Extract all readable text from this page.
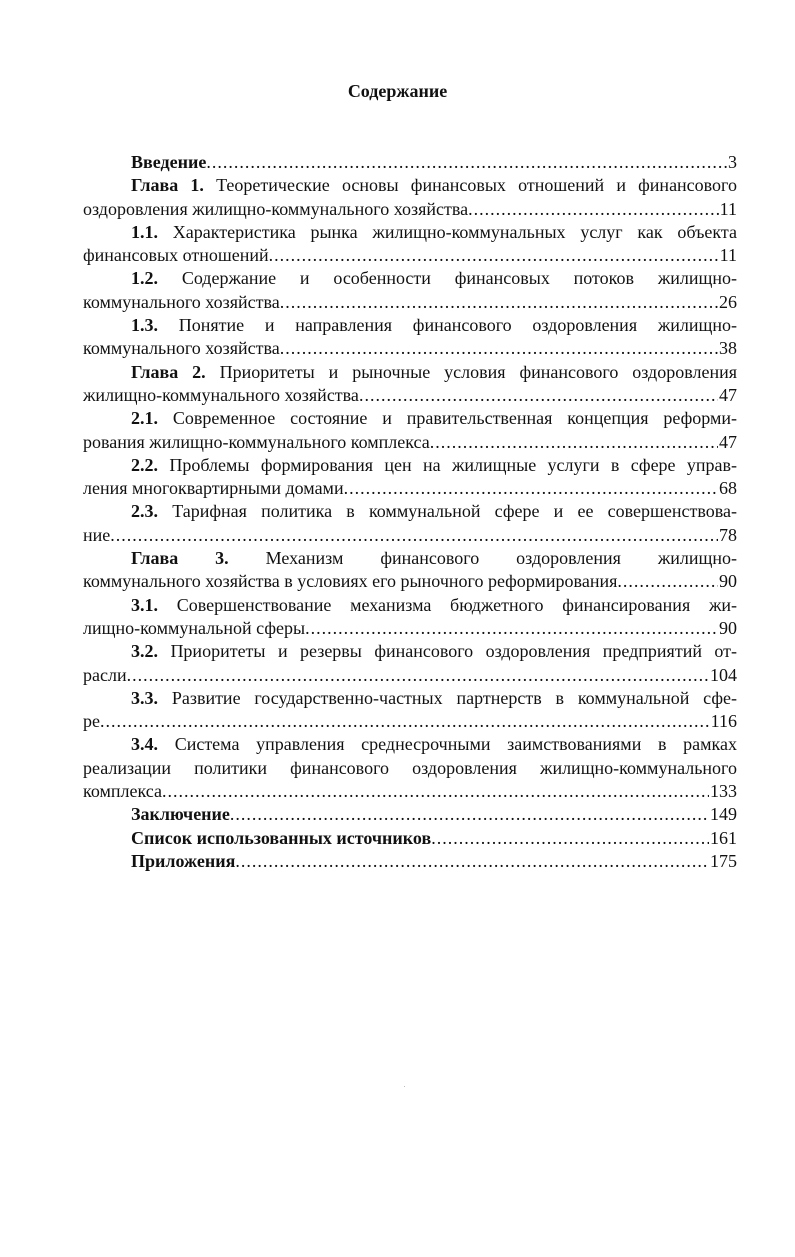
Содержание
Введение .....	3
Глава 1. Теоретические основы финансовых отношений и финансового
оздоровления жилищно-коммунального хозяйства .....	11
1.1. Характеристика рынка жилищно-коммунальных услуг как объекта
финансовых отношений .....	11
1.2. Содержание и особенности финансовых потоков жилищно-
коммунального хозяйства .....	26
1.3. Понятие и направления финансового оздоровления жилищно-
коммунального хозяйства .....	38
Глава 2. Приоритеты и рыночные условия финансового оздоровления
жилищно-коммунального хозяйства .....	47
2.1. Современное состояние и правительственная концепция реформи-
рования жилищно-коммунального комплекса .....	47
2.2. Проблемы формирования цен на жилищные услуги в сфере управ-
ления многоквартирными домами .....	68
2.3. Тарифная политика в коммунальной сфере и ее совершенствова-
ние .....	78
Глава 3. Механизм финансового оздоровления жилищно-
коммунального хозяйства в условиях его рыночного реформирования .....	90
3.1. Совершенствование механизма бюджетного финансирования жи-
лищно-коммунальной сферы .....	90
3.2. Приоритеты и резервы финансового оздоровления предприятий от-
расли .....	104
3.3. Развитие государственно-частных партнерств в коммунальной сфе-
ре .....	116
3.4. Система управления среднесрочными заимствованиями в рамках
реализации политики финансового оздоровления жилищно-коммунального
комплекса .....	133
Заключение .....	149
Список использованных источников .....	161
Приложения .....	175
